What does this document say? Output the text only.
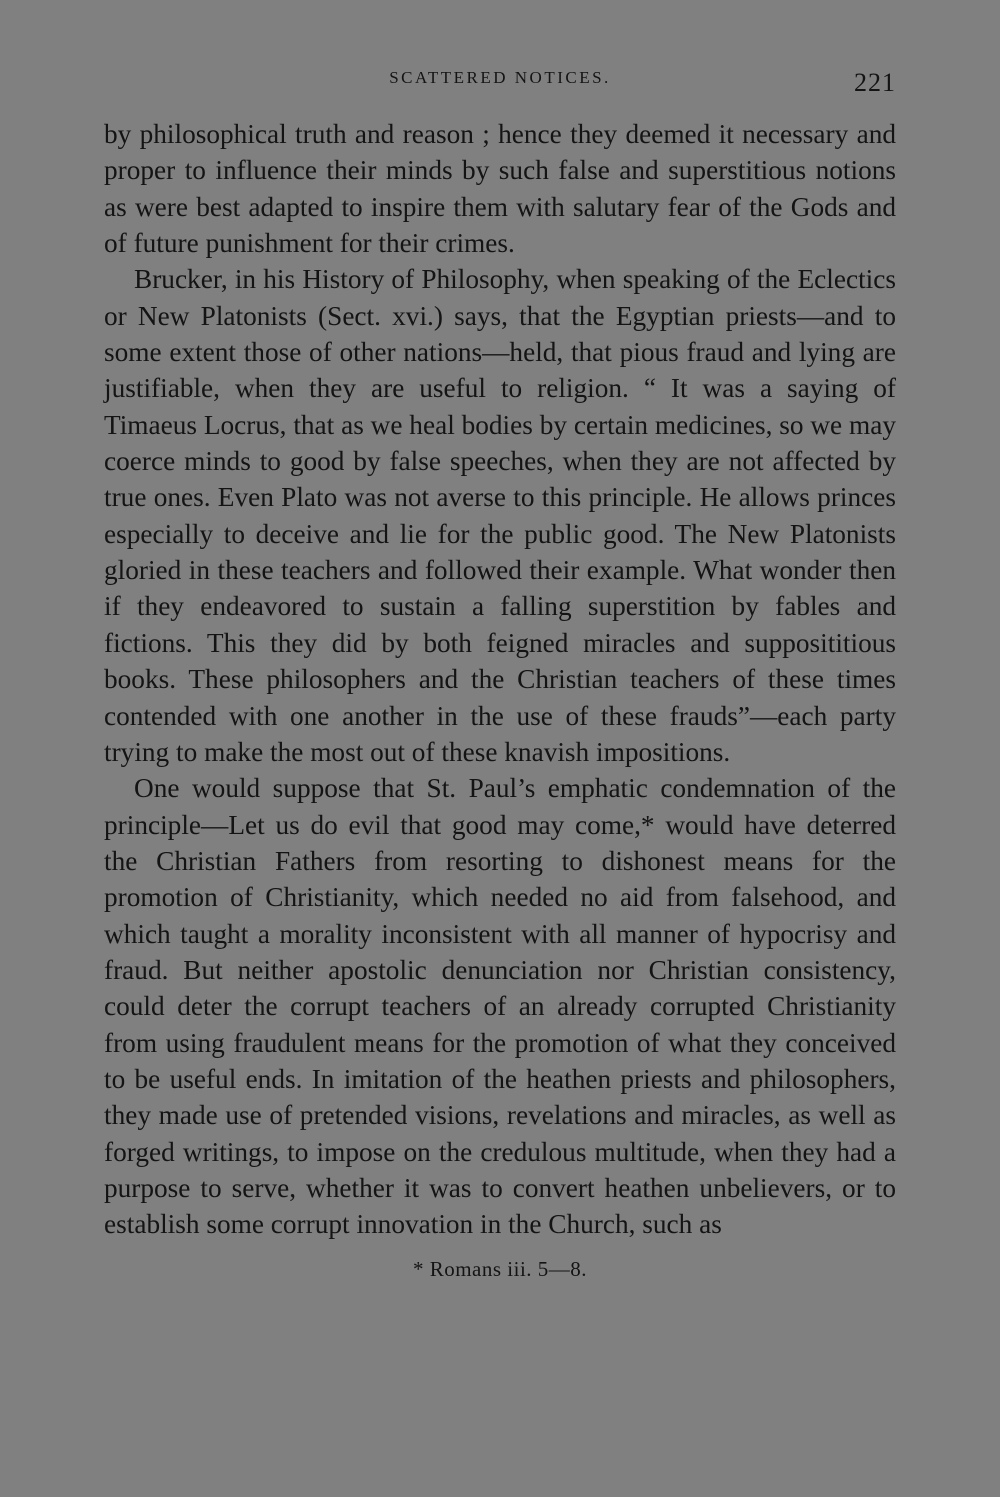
SCATTERED NOTICES.	221

by philosophical truth and reason ; hence they deemed it necessary and proper to influence their minds by such false and superstitious notions as were best adapted to inspire them with salutary fear of the Gods and of future punishment for their crimes.

Brucker, in his History of Philosophy, when speaking of the Eclectics or New Platonists (Sect. xvi.) says, that the Egyptian priests—and to some extent those of other nations—held, that pious fraud and lying are justifiable, when they are useful to religion. “ It was a saying of Timaeus Locrus, that as we heal bodies by certain medicines, so we may coerce minds to good by false speeches, when they are not affected by true ones. Even Plato was not averse to this principle. He allows princes especially to deceive and lie for the public good. The New Platonists gloried in these teachers and followed their example. What wonder then if they endeavored to sustain a falling superstition by fables and fictions. This they did by both feigned miracles and supposititious books. These philosophers and the Christian teachers of these times contended with one another in the use of these frauds”—each party trying to make the most out of these knavish impositions.

One would suppose that St. Paul’s emphatic condemnation of the principle—Let us do evil that good may come,* would have deterred the Christian Fathers from resorting to dishonest means for the promotion of Christianity, which needed no aid from falsehood, and which taught a morality inconsistent with all manner of hypocrisy and fraud. But neither apostolic denunciation nor Christian consistency, could deter the corrupt teachers of an already corrupted Christianity from using fraudulent means for the promotion of what they conceived to be useful ends. In imitation of the heathen priests and philosophers, they made use of pretended visions, revelations and miracles, as well as forged writings, to impose on the credulous multitude, when they had a purpose to serve, whether it was to convert heathen unbelievers, or to establish some corrupt innovation in the Church, such as

* Romans iii. 5—8.
